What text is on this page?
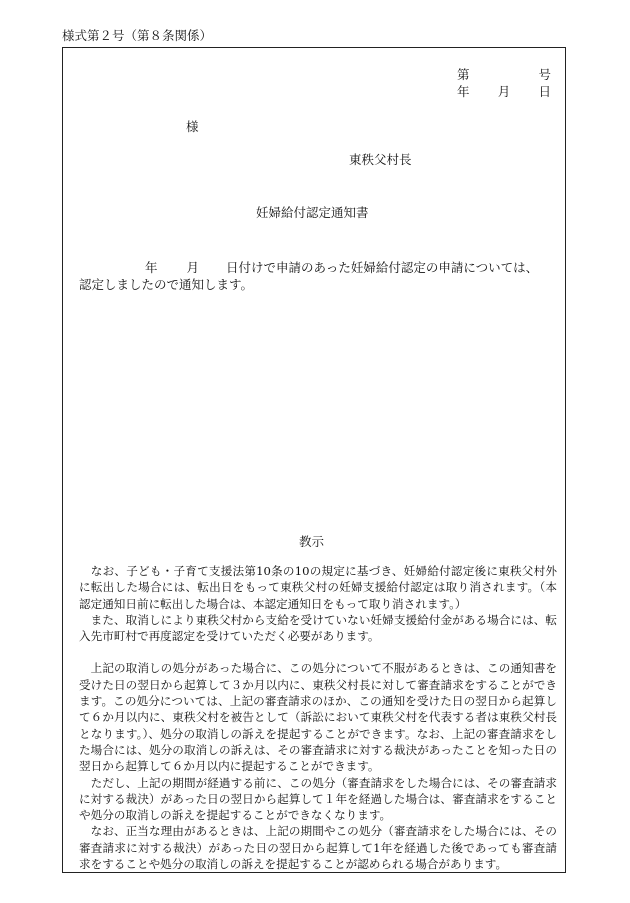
様式第２号（第８条関係）
第	号
年 月 日
様
東秩父村長
妊婦給付認定通知書
年 月 日付けで申請のあった妊婦給付認定の申請については、
認定しましたので通知します。
教示

　なお、子ども・子育て支援法第10条の10の規定に基づき、妊婦給付認定後に東秩父村外に転出した場合には、転出日をもって東秩父村の妊婦支援給付認定は取り消されます。（本認定通知日前に転出した場合は、本認定通知日をもって取り消されます。）

　また、取消しにより東秩父村から支給を受けていない妊婦支援給付金がある場合には、転入先市町村で再度認定を受けていただく必要があります。

　上記の取消しの処分があった場合に、この処分について不服があるときは、この通知書を受けた日の翌日から起算して３か月以内に、東秩父村長に対して審査請求をすることができます。この処分については、上記の審査請求のほか、この通知を受けた日の翌日から起算して６か月以内に、東秩父村を被告として（訴訟において東秩父村を代表する者は東秩父村長となります。）、処分の取消しの訴えを提起することができます。なお、上記の審査請求をした場合には、処分の取消しの訴えは、その審査請求に対する裁決があったことを知った日の翌日から起算して６か月以内に提起することができます。

　ただし、上記の期間が経過する前に、この処分（審査請求をした場合には、その審査請求に対する裁決）があった日の翌日から起算して１年を経過した場合は、審査請求をすることや処分の取消しの訴えを提起することができなくなります。

　なお、正当な理由があるときは、上記の期間やこの処分（審査請求をした場合には、その審査請求に対する裁決）があった日の翌日から起算して1年を経過した後であっても審査請求をすることや処分の取消しの訴えを提起することが認められる場合があります。
